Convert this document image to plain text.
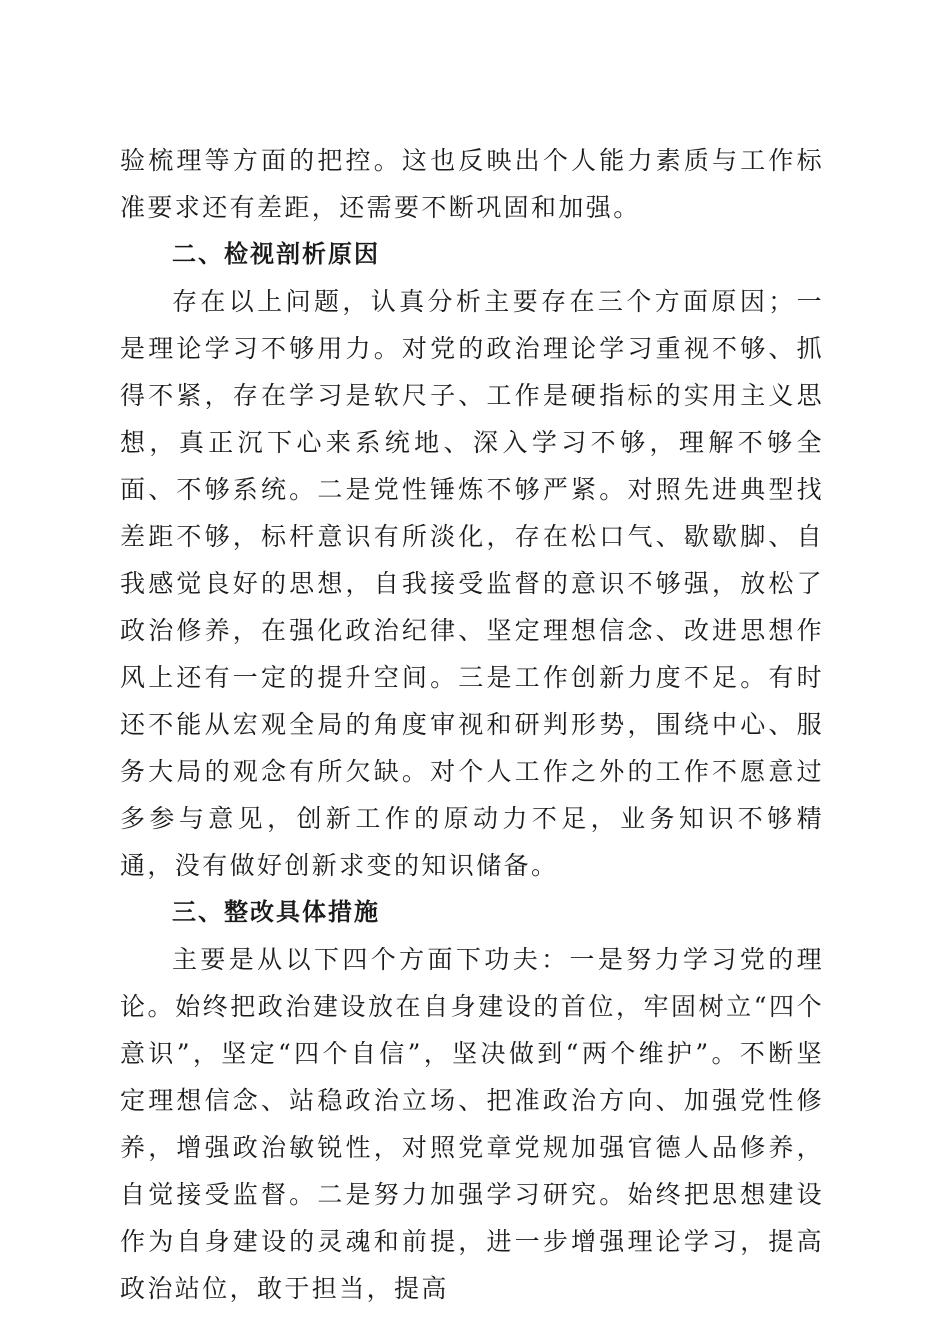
验梳理等方面的把控。这也反映出个人能力素质与工作标准要求还有差距，还需要不断巩固和加强。

二、检视剖析原因

存在以上问题，认真分析主要存在三个方面原因；一是理论学习不够用力。对党的政治理论学习重视不够、抓得不紧，存在学习是软尺子、工作是硬指标的实用主义思想，真正沉下心来系统地、深入学习不够，理解不够全面、不够系统。二是党性锤炼不够严紧。对照先进典型找差距不够，标杆意识有所淡化，存在松口气、歇歇脚、自我感觉良好的思想，自我接受监督的意识不够强，放松了政治修养，在强化政治纪律、坚定理想信念、改进思想作风上还有一定的提升空间。三是工作创新力度不足。有时还不能从宏观全局的角度审视和研判形势，围绕中心、服务大局的观念有所欠缺。对个人工作之外的工作不愿意过多参与意见，创新工作的原动力不足，业务知识不够精通，没有做好创新求变的知识储备。

三、整改具体措施

主要是从以下四个方面下功夫：一是努力学习党的理论。始终把政治建设放在自身建设的首位，牢固树立“四个意识”，坚定“四个自信”，坚决做到“两个维护”。不断坚定理想信念、站稳政治立场、把准政治方向、加强党性修养，增强政治敏锐性，对照党章党规加强官德人品修养，自觉接受监督。二是努力加强学习研究。始终把思想建设作为自身建设的灵魂和前提，进一步增强理论学习，提高政治站位，敢于担当，提高
